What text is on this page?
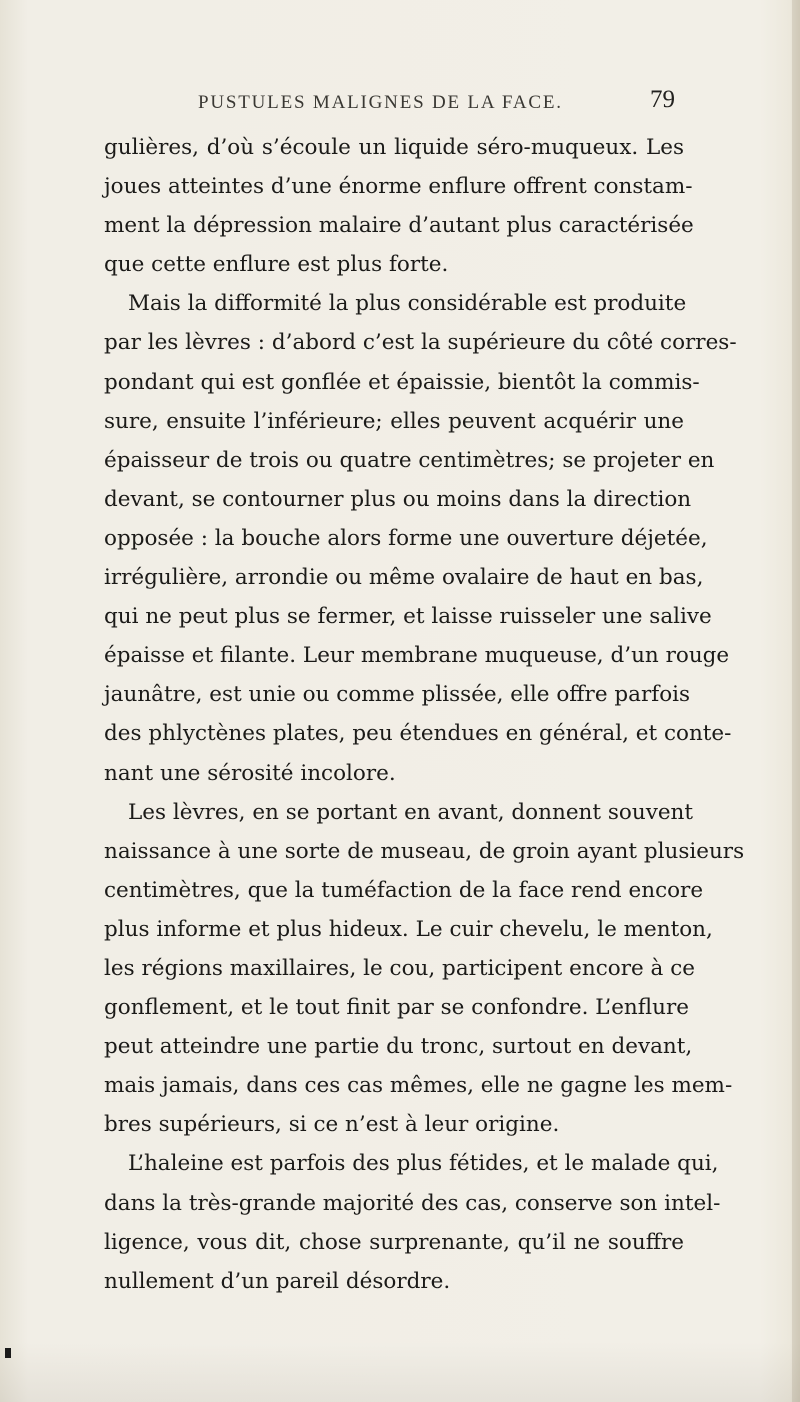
PUSTULES MALIGNES DE LA FACE.	79
gulières, d’où s’écoule un liquide séro-muqueux. Les
joues atteintes d’une énorme enflure offrent constam-
ment la dépression malaire d’autant plus caractérisée
que cette enflure est plus forte.
Mais la difformité la plus considérable est produite
par les lèvres : d’abord c’est la supérieure du côté corres-
pondant qui est gonflée et épaissie, bientôt la commis-
sure, ensuite l’inférieure; elles peuvent acquérir une
épaisseur de trois ou quatre centimètres; se projeter en
devant, se contourner plus ou moins dans la direction
opposée : la bouche alors forme une ouverture déjetée,
irrégulière, arrondie ou même ovalaire de haut en bas,
qui ne peut plus se fermer, et laisse ruisseler une salive
épaisse et filante. Leur membrane muqueuse, d’un rouge
jaunâtre, est unie ou comme plissée, elle offre parfois
des phlyctènes plates, peu étendues en général, et conte-
nant une sérosité incolore.
Les lèvres, en se portant en avant, donnent souvent
naissance à une sorte de museau, de groin ayant plusieurs
centimètres, que la tuméfaction de la face rend encore
plus informe et plus hideux. Le cuir chevelu, le menton,
les régions maxillaires, le cou, participent encore à ce
gonflement, et le tout finit par se confondre. L’enflure
peut atteindre une partie du tronc, surtout en devant,
mais jamais, dans ces cas mêmes, elle ne gagne les mem-
bres supérieurs, si ce n’est à leur origine.
L’haleine est parfois des plus fétides, et le malade qui,
dans la très-grande majorité des cas, conserve son intel-
ligence, vous dit, chose surprenante, qu’il ne souffre
nullement d’un pareil désordre.
